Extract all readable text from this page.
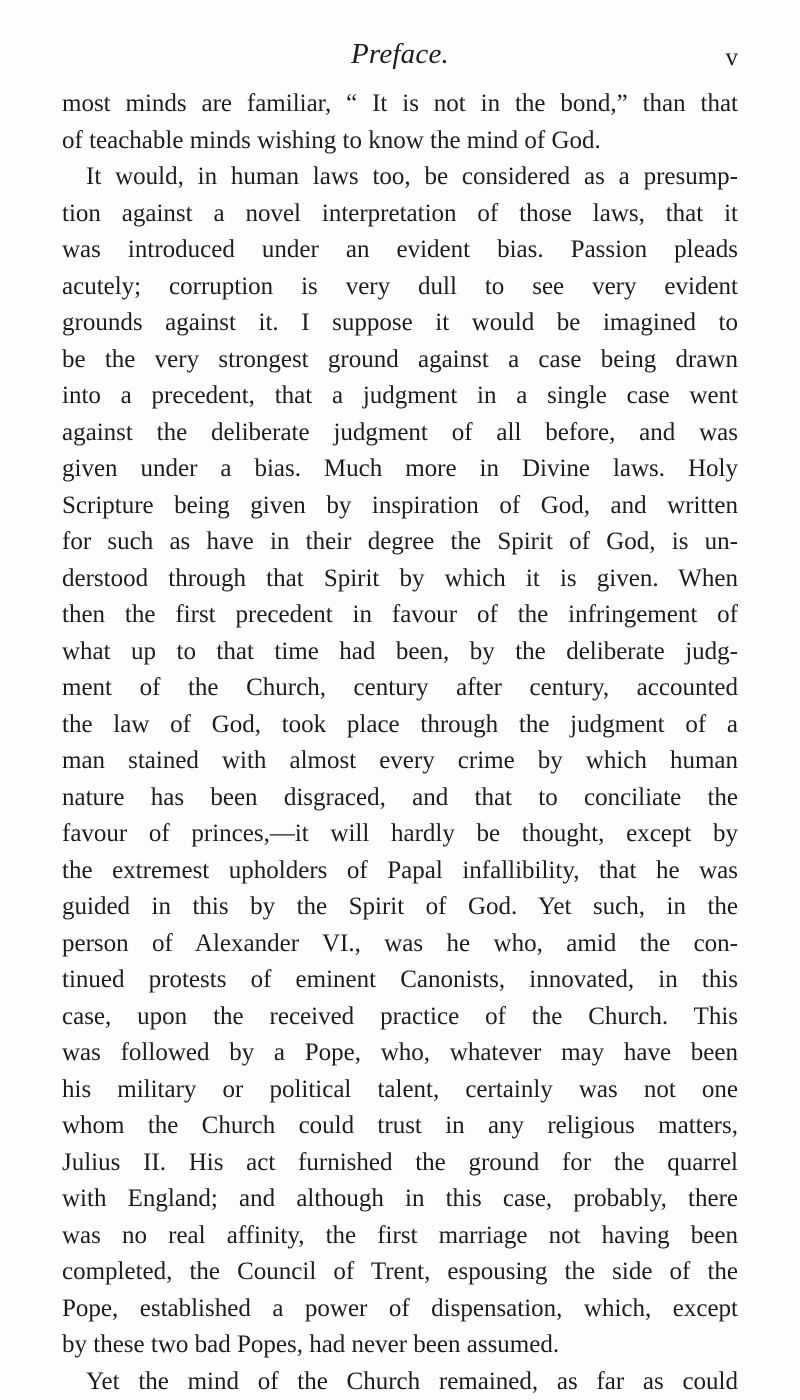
Preface.	v
most minds are familiar, “ It is not in the bond,” than that
of teachable minds wishing to know the mind of God.
It would, in human laws too, be considered as a presump-
tion against a novel interpretation of those laws, that it
was introduced under an evident bias. Passion pleads
acutely; corruption is very dull to see very evident
grounds against it. I suppose it would be imagined to
be the very strongest ground against a case being drawn
into a precedent, that a judgment in a single case went
against the deliberate judgment of all before, and was
given under a bias. Much more in Divine laws. Holy
Scripture being given by inspiration of God, and written
for such as have in their degree the Spirit of God, is un-
derstood through that Spirit by which it is given. When
then the first precedent in favour of the infringement of
what up to that time had been, by the deliberate judg-
ment of the Church, century after century, accounted
the law of God, took place through the judgment of a
man stained with almost every crime by which human
nature has been disgraced, and that to conciliate the
favour of princes,—it will hardly be thought, except by
the extremest upholders of Papal infallibility, that he was
guided in this by the Spirit of God. Yet such, in the
person of Alexander VI., was he who, amid the con-
tinued protests of eminent Canonists, innovated, in this
case, upon the received practice of the Church. This
was followed by a Pope, who, whatever may have been
his military or political talent, certainly was not one
whom the Church could trust in any religious matters,
Julius II. His act furnished the ground for the quarrel
with England; and although in this case, probably, there
was no real affinity, the first marriage not having been
completed, the Council of Trent, espousing the side of the
Pope, established a power of dispensation, which, except
by these two bad Popes, had never been assumed.
Yet the mind of the Church remained, as far as could
